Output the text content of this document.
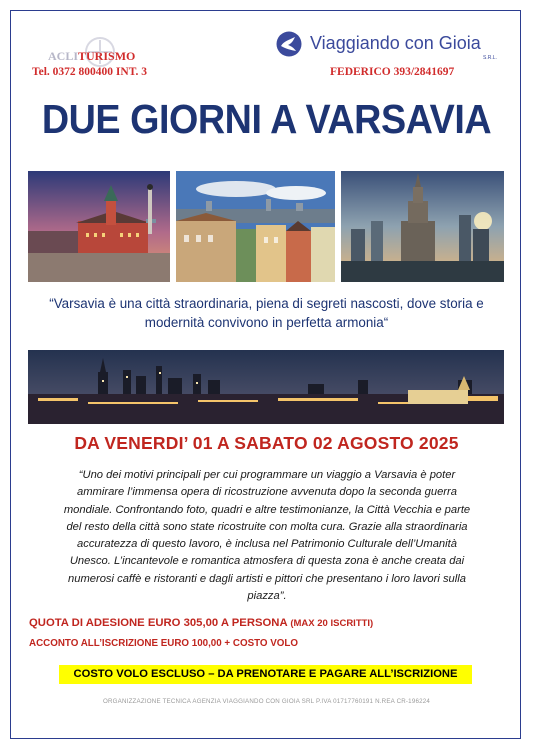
ACLITURISMO
Tel. 0372 800400 INT. 3
Viaggiando con Gioia
S.R.L.
FEDERICO 393/2841697
DUE GIORNI A VARSAVIA
“Varsavia è una città straordinaria, piena di segreti nascosti, dove storia e modernità convivono in perfetta armonia“
DA VENERDI’ 01 A SABATO 02 AGOSTO 2025
“Uno dei motivi principali per cui programmare un viaggio a Varsavia è poter ammirare l’immensa opera di ricostruzione avvenuta dopo la seconda guerra mondiale. Confrontando foto, quadri e altre testimonianze, la Città Vecchia e parte del resto della città sono state ricostruite con molta cura. Grazie alla straordinaria accuratezza di questo lavoro, è inclusa nel Patrimonio Culturale dell’Umanità Unesco. L’incantevole e romantica atmosfera di questa zona è anche creata dai numerosi caffè e ristoranti e dagli artisti e pittori che presentano i loro lavori sulla piazza”.
QUOTA DI ADESIONE EURO 305,00 A PERSONA (MAX 20 ISCRITTI)
ACCONTO ALL’ISCRIZIONE EURO 100,00 + COSTO VOLO
COSTO VOLO ESCLUSO – DA PRENOTARE E PAGARE ALL’ISCRIZIONE
ORGANIZZAZIONE TECNICA AGENZIA VIAGGIANDO CON GIOIA SRL P.IVA 01717760191 N.REA CR-196224
